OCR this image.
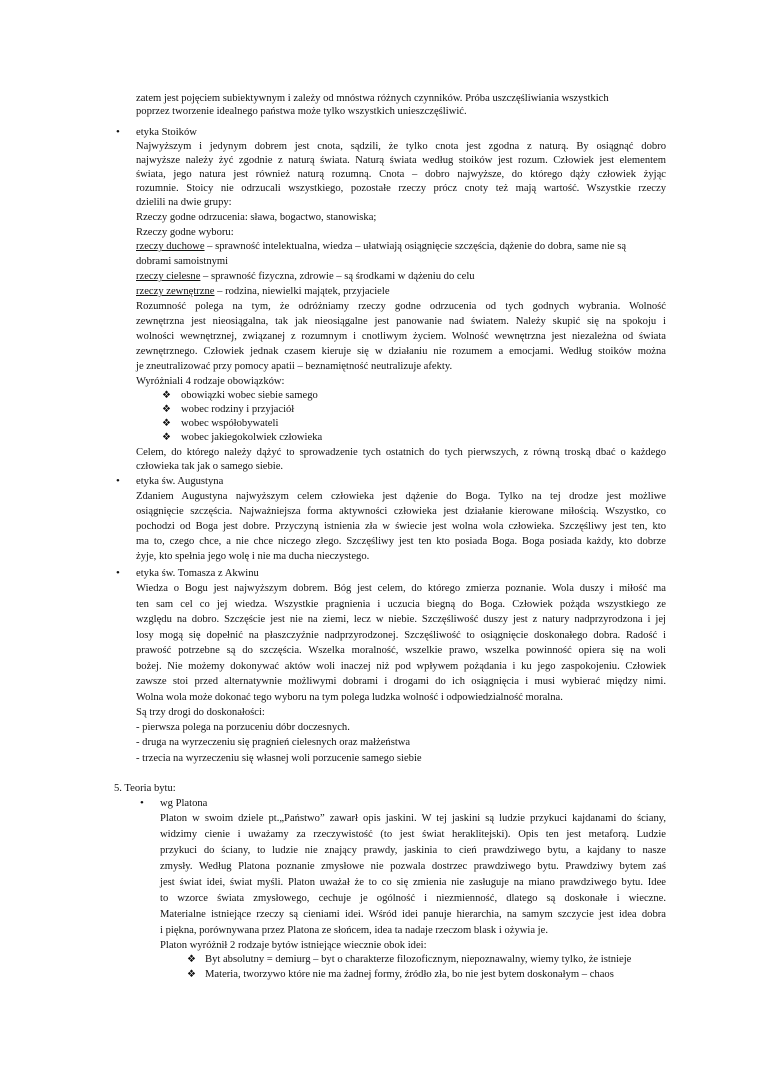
zatem jest pojęciem subiektywnym i zależy od mnóstwa różnych czynników. Próba uszczęśliwiania wszystkich
poprzez tworzenie idealnego państwa może tylko wszystkich unieszczęśliwić.
• etyka Stoików
Najwyższym i jedynym dobrem jest cnota, sądzili, że tylko cnota jest zgodna z naturą. By osiągnąć dobro
najwyższe należy żyć zgodnie z naturą świata. Naturą świata według stoików jest rozum. Człowiek jest elementem
świata, jego natura jest również naturą rozumną. Cnota – dobro najwyższe, do którego dąży człowiek żyjąc
rozumnie. Stoicy nie odrzucali wszystkiego, pozostałe rzeczy prócz cnoty też mają wartość. Wszystkie rzeczy
dzielili na dwie grupy:
Rzeczy godne odrzucenia: sława, bogactwo, stanowiska;
Rzeczy godne wyboru:
rzeczy duchowe – sprawność intelektualna, wiedza – ułatwiają osiągnięcie szczęścia, dążenie do dobra, same nie są
dobrami samoistnymi
rzeczy cielesne – sprawność fizyczna, zdrowie – są środkami w dążeniu do celu
rzeczy zewnętrzne – rodzina, niewielki majątek, przyjaciele
Rozumność polega na tym, że odróżniamy rzeczy godne odrzucenia od tych godnych wybrania. Wolność
zewnętrzna jest nieosiągalna, tak jak nieosiągalne jest panowanie nad światem. Należy skupić się na spokoju i
wolności wewnętrznej, związanej z rozumnym i cnotliwym życiem. Wolność wewnętrzna jest niezależna od świata
zewnętrznego. Człowiek jednak czasem kieruje się w działaniu nie rozumem a emocjami. Według stoików można
je zneutralizować przy pomocy apatii – beznamiętność neutralizuje afekty.
Wyróżniali 4 rodzaje obowiązków:
❖ obowiązki wobec siebie samego
❖ wobec rodziny i przyjaciół
❖ wobec współobywateli
❖ wobec jakiegokolwiek człowieka
Celem, do którego należy dążyć to sprowadzenie tych ostatnich do tych pierwszych, z równą troską dbać o każdego
człowieka tak jak o samego siebie.
• etyka św. Augustyna
Zdaniem Augustyna najwyższym celem człowieka jest dążenie do Boga. Tylko na tej drodze jest możliwe
osiągnięcie szczęścia. Najważniejsza forma aktywności człowieka jest działanie kierowane miłością. Wszystko, co
pochodzi od Boga jest dobre. Przyczyną istnienia zła w świecie jest wolna wola człowieka. Szczęśliwy jest ten, kto
ma to, czego chce, a nie chce niczego złego. Szczęśliwy jest ten kto posiada Boga. Boga posiada każdy, kto dobrze
żyje, kto spełnia jego wolę i nie ma ducha nieczystego.
• etyka św. Tomasza z Akwinu
Wiedza o Bogu jest najwyższym dobrem. Bóg jest celem, do którego zmierza poznanie. Wola duszy i miłość ma
ten sam cel co jej wiedza. Wszystkie pragnienia i uczucia biegną do Boga. Człowiek pożąda wszystkiego ze
względu na dobro. Szczęście jest nie na ziemi, lecz w niebie. Szczęśliwość duszy jest z natury nadprzyrodzona i jej
losy mogą się dopełnić na płaszczyźnie nadprzyrodzonej. Szczęśliwość to osiągnięcie doskonałego dobra. Radość i
prawość potrzebne są do szczęścia. Wszelka moralność, wszelkie prawo, wszelka powinność opiera się na woli
bożej. Nie możemy dokonywać aktów woli inaczej niż pod wpływem pożądania i ku jego zaspokojeniu. Człowiek
zawsze stoi przed alternatywnie możliwymi dobrami i drogami do ich osiągnięcia i musi wybierać między nimi.
Wolna wola może dokonać tego wyboru na tym polega ludzka wolność i odpowiedzialność moralna.
Są trzy drogi do doskonałości:
- pierwsza polega na porzuceniu dóbr doczesnych.
- druga na wyrzeczeniu się pragnień cielesnych oraz małżeństwa
- trzecia na wyrzeczeniu się własnej woli porzucenie samego siebie
5. Teoria bytu:
• wg Platona
Platon w swoim dziele pt.„Państwo” zawarł opis jaskini. W tej jaskini są ludzie przykuci kajdanami do ściany,
widzimy cienie i uważamy za rzeczywistość (to jest świat heraklitejski). Opis ten jest metaforą. Ludzie
przykuci do ściany, to ludzie nie znający prawdy, jaskinia to cień prawdziwego bytu, a kajdany to nasze
zmysły. Według Platona poznanie zmysłowe nie pozwala dostrzec prawdziwego bytu. Prawdziwy bytem zaś
jest świat idei, świat myśli. Platon uważał że to co się zmienia nie zasługuje na miano prawdziwego bytu. Idee
to wzorce świata zmysłowego, cechuje je ogólność i niezmienność, dlatego są doskonałe i wieczne.
Materialne istniejące rzeczy są cieniami idei. Wśród idei panuje hierarchia, na samym szczycie jest idea dobra
i piękna, porównywana przez Platona ze słońcem, idea ta nadaje rzeczom blask i ożywia je.
Platon wyróżnił 2 rodzaje bytów istniejące wiecznie obok idei:
❖ Byt absolutny = demiurg – byt o charakterze filozoficznym, niepoznawalny, wiemy tylko, że istnieje
❖ Materia, tworzywo które nie ma żadnej formy, źródło zła, bo nie jest bytem doskonałym – chaos
